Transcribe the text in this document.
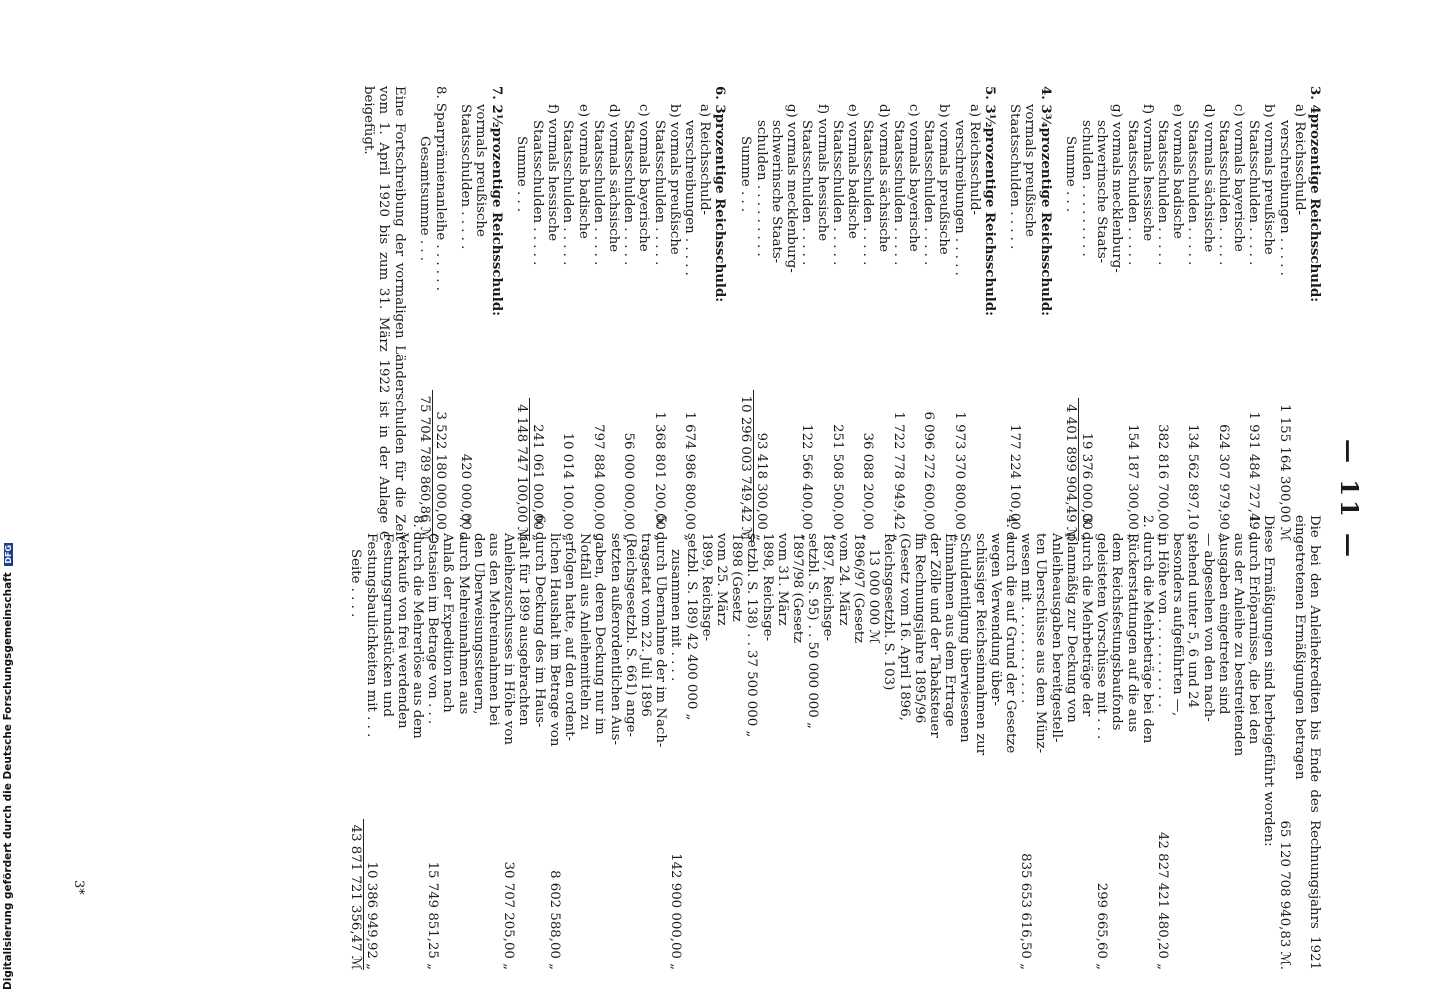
— 11 —
3. 4prozentige Reichsschuld:
a) Reichsschuld-
verschreibungen . . . . .
1 155 164 300,00 ℳ
b) vormals preußische
Staatsschulden . . . . .
1 931 484 727,49 „
c) vormals bayerische
Staatsschulden . . . . .
624 307 979,90 „
d) vormals sächsische
Staatsschulden . . . . .
134 562 897,10 „
e) vormals badische
Staatsschulden . . . . .
382 816 700,00 „
f) vormals hessische
Staatsschulden . . . . .
154 187 300,00 „
g) vormals mecklenburg-
schwerinsche Staats-
schulden . . . . . . . . .
19 376 000,00 „
Summe . . .
4 401 899 904,49 ℳ
4. 3¾prozentige Reichsschuld:
vormals preußische
Staatsschulden . . . . .
177 224 100,00 „
5. 3½prozentige Reichsschuld:
a) Reichsschuld-
verschreibungen . . . . .
1 973 370 800,00 „
b) vormals preußische
Staatsschulden . . . . .
6 096 272 600,00 „
c) vormals bayerische
Staatsschulden . . . . .
1 722 778 949,42 „
d) vormals sächsische
Staatsschulden . . . . .
36 088 200,00 „
e) vormals badische
Staatsschulden . . . . .
251 508 500,00 „
f) vormals hessische
Staatsschulden . . . . .
122 566 400,00 „
g) vormals mecklenburg-
schwerinsche Staats-
schulden . . . . . . . . .
93 418 300,00 „
Summe . . .
10 296 003 749,42 ℳ
6. 3prozentige Reichsschuld:
a) Reichsschuld-
verschreibungen . . . . .
1 674 986 800,00 „
b) vormals preußische
Staatsschulden . . . . .
1 368 801 200,00 „
c) vormals bayerische
Staatsschulden . . . . .
56 000 000,00 „
d) vormals sächsische
Staatsschulden . . . . .
797 884 000,00 „
e) vormals badische
Staatsschulden . . . . .
10 014 100,00 „
f) vormals hessische
Staatsschulden . . . . .
241 061 000,00 „
Summe . . .
4 148 747 100,00 ℳ
7. 2½prozentige Reichsschuld:
vormals preußische
Staatsschulden . . . . .
420 000,00 „
8. Sparprämienanleihe . . . . . .
3 522 180 000,00 „
Gesamtsumme . . .
75 704 789 860,86 ℳ
Eine Fortschreibung der vormaligen Länderschulden für die Zeit vom 1. April 1920 bis zum 31. März 1922 ist in der Anlage C beigefügt.
Die bei den Anleihekrediten bis Ende des Rechnungsjahrs 1921 eingetretenen Ermäßigungen betragen
65 120 708 940,83 ℳ.
Diese Ermäßigungen sind herbeigeführt worden:
1. durch Erlöparnisse, die bei den
aus der Anleihe zu bestreitenden
Ausgaben eingetreten sind
— abgesehen von den nach-
stehend unter 5, 6 und 24
besonders aufgeführten —,
in Höhe von . . . . . . . . . . .
42 827 421 480,20 „
2. durch die Mehrbeträge bei den
Rückerstattungen auf die aus
dem Reichsfestungsbaufonds
geleisteten Vorschüsse mit . . .
299 665,60 „
3. durch die Mehrbeträge der
planmäßig zur Deckung von
Anleiheausgaben bereitgestell-
ten Überschüsse aus dem Münz-
wesen mit . . . . . . . . . . . .
835 653 616,50 „
4. durch die auf Grund der Gesetze
wegen Verwendung über-
schüssiger Reichseinnahmen zur
Schuldentilgung überwiesenen
Einnahmen aus dem Ertrage
der Zölle und der Tabaksteuer
im Rechnungsjahre 1895/96
(Gesetz vom 16. April 1896,
Reichsgesetzbl. S. 103)
13 000 000 ℳ
1896/97 (Gesetz
vom 24. März
1897, Reichsge-
setzbl. S. 95) . . 50 000 000 „
1897/98 (Gesetz
vom 31. März
1898, Reichsge-
setzbl. S. 138) . . 37 500 000 „
1898 (Gesetz
vom 25. März
1899, Reichsge-
setzbl. S. 189) 42 400 000 „
zusammen mit . . . .
142 900 000,00 „
5. durch Übernahme der im Nach-
tragsetat vom 22. Juli 1896
(Reichsgesetzbl. S. 661) ange-
setzten außerordentlichen Aus-
gaben, deren Deckung nur im
Notfall aus Anleihemitteln zu
erfolgen hatte, auf den ordent-
lichen Haushalt im Betrage von
8 602 588,00 „
6. durch Deckung des im Haus-
halt für 1899 ausgebrachten
Anleihezuschusses in Höhe von
30 707 205,00 „
aus den Mehreinnahmen bei
den Überweisungssteuern,
7. durch Mehreinnahmen aus
Anlaß der Expedition nach
Ostasien im Betrage von . . .
15 749 851,25 „
8. durch die Mehrerlöse aus dem
Verkaufe von frei werdenden
Festungsgrundstücken und
Festungsbaulichkeiten mit . . .
10 386 949,92 „
Seite . . . .
43 871 721 356,47 ℳ
3*
Digitalisierung gefördert durch die Deutsche Forschungsgemeinschaft DFG
